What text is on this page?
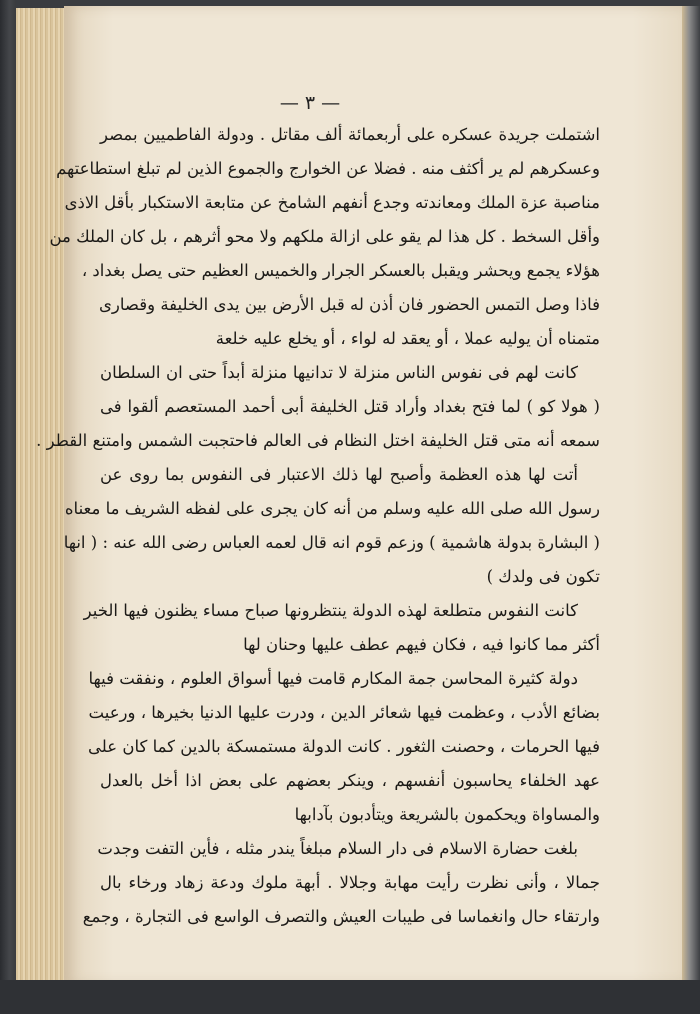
— ٣ —
اشتملت جريدة عسكره على أربعمائة ألف مقاتل . ودولة الفاطميين بمصر
وعسكرهم لم ير أكثف منه . فضلا عن الخوارج والجموع الذين لم تبلغ استطاعتهم
مناصبة عزة الملك ومعاندته وجدع أنفهم الشامخ عن متابعة الاستكبار بأقل الاذى
وأقل السخط . كل هذا لم يقو على ازالة ملكهم ولا محو أثرهم ، بل كان الملك من
هؤلاء يجمع ويحشر ويقبل بالعسكر الجرار والخميس العظيم حتى يصل بغداد ،
فاذا وصل التمس الحضور فان أذن له قبل الأرض بين يدى الخليفة وقصارى
متمناه أن يوليه عملا ، أو يعقد له لواء ، أو يخلع عليه خلعة
كانت لهم فى نفوس الناس منزلة لا تدانيها منزلة أبداً حتى ان السلطان
( هولا كو ) لما فتح بغداد وأراد قتل الخليفة أبى أحمد المستعصم ألقوا فى
سمعه أنه متى قتل الخليفة اختل النظام فى العالم فاحتجبت الشمس وامتنع القطر .
أتت لها هذه العظمة وأصبح لها ذلك الاعتبار فى النفوس بما روى عن
رسول الله صلى الله عليه وسلم من أنه كان يجرى على لفظه الشريف ما معناه
( البشارة بدولة هاشمية ) وزعم قوم انه قال لعمه العباس رضى الله عنه : ( انها
تكون فى ولدك )
كانت النفوس متطلعة لهذه الدولة ينتظرونها صباح مساء يظنون فيها الخير
أكثر مما كانوا فيه ، فكان فيهم عطف عليها وحنان لها
دولة كثيرة المحاسن جمة المكارم قامت فيها أسواق العلوم ، ونفقت فيها
بضائع الأدب ، وعظمت فيها شعائر الدين ، ودرت عليها الدنيا بخيرها ، ورعيت
فيها الحرمات ، وحصنت الثغور . كانت الدولة مستمسكة بالدين كما كان على
عهد الخلفاء يحاسبون أنفسهم ، وينكر بعضهم على بعض اذا أخل بالعدل
والمساواة ويحكمون بالشريعة ويتأدبون بآدابها
بلغت حضارة الاسلام فى دار السلام مبلغاً يندر مثله ، فأين التفت وجدت
جمالا ، وأنى نظرت رأيت مهابة وجلالا . أبهة ملوك ودعة زهاد ورخاء بال
وارتقاء حال وانغماسا فى طيبات العيش والتصرف الواسع فى التجارة ، وجمع
